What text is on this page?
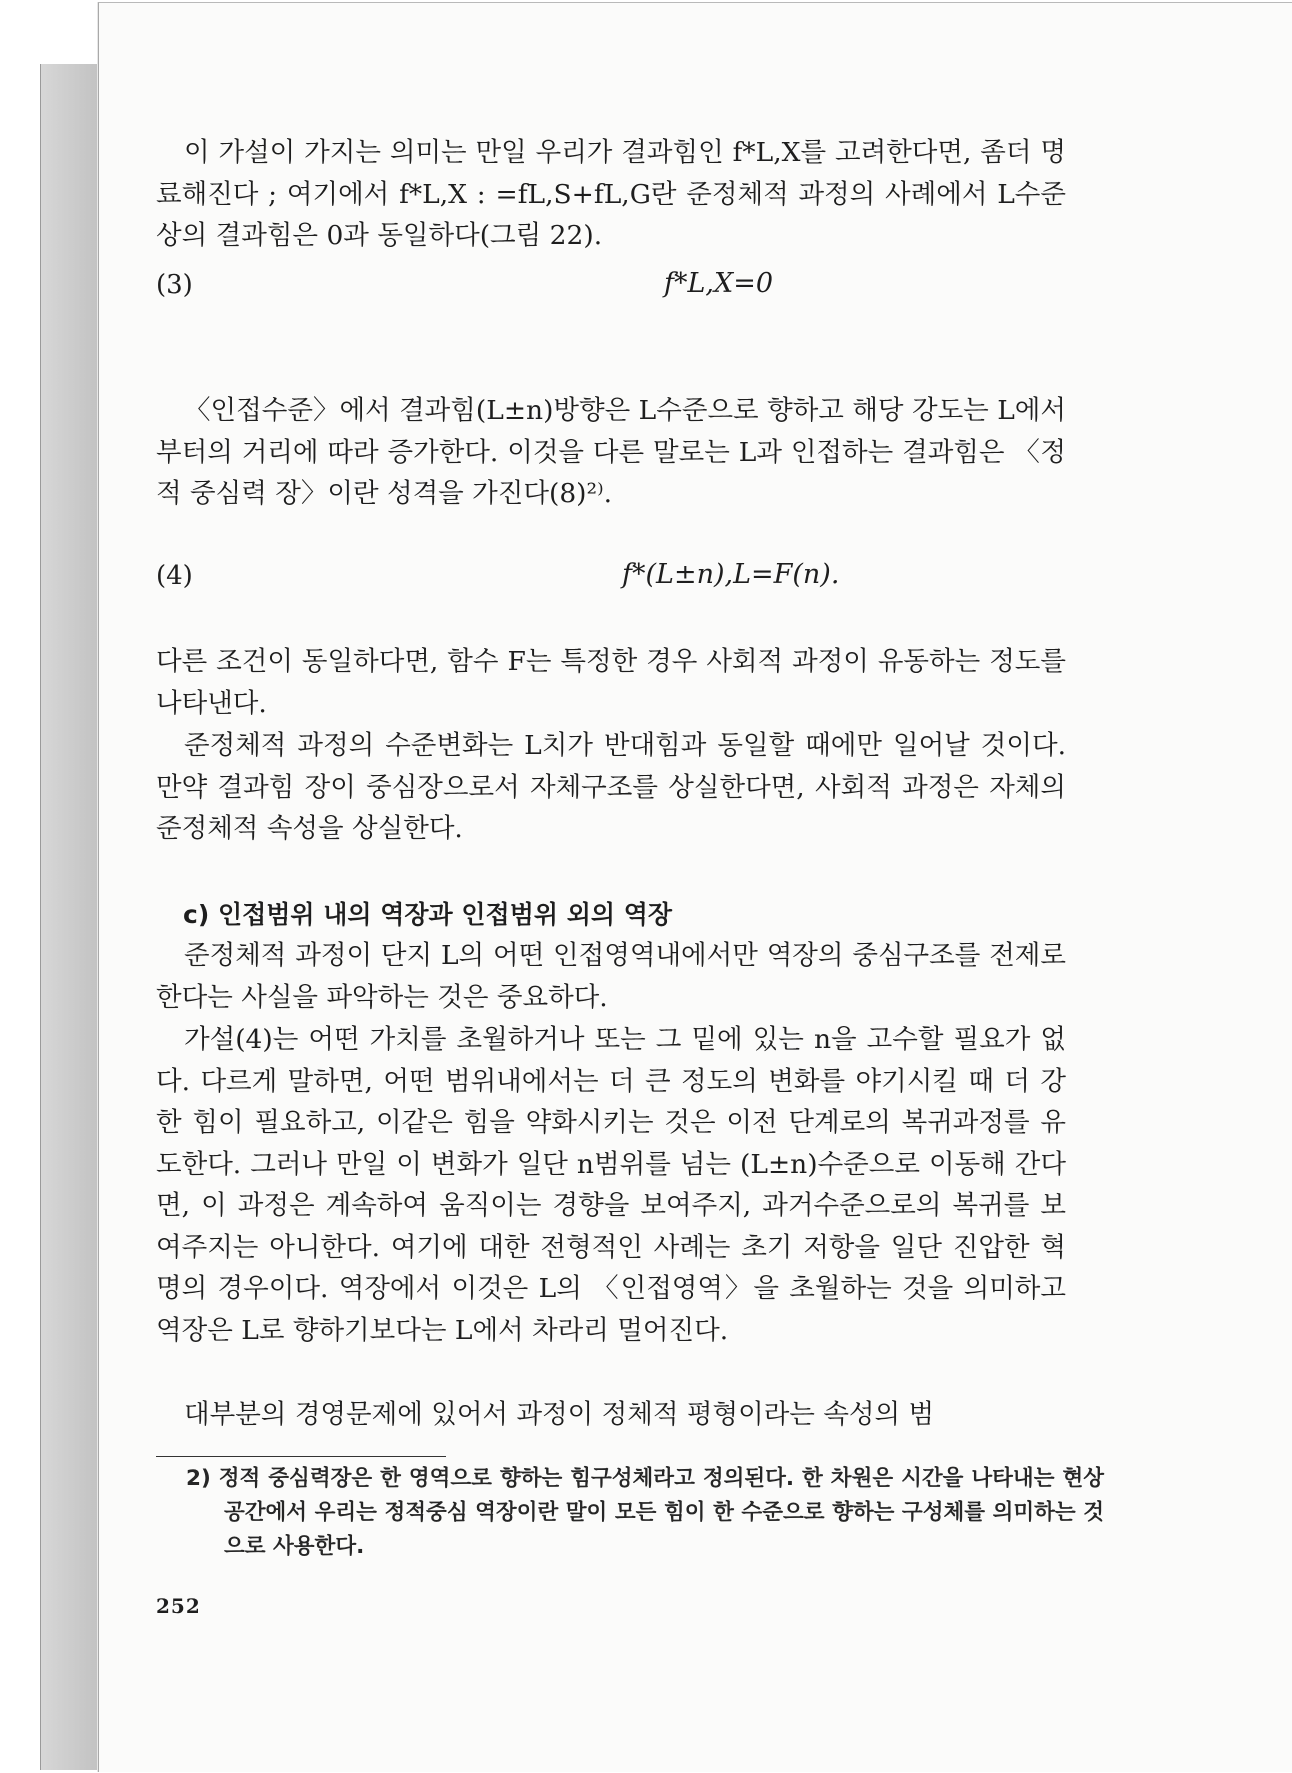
이 가설이 가지는 의미는 만일 우리가 결과힘인 f*L,X를 고려한다면, 좀더 명료해진다 ; 여기에서 f*L,X : =fL,S+fL,G란 준정체적 과정의 사례에서 L수준상의 결과힘은 0과 동일하다(그림 22).

(3)	f*L,X=0

〈인접수준〉에서 결과힘(L±n)방향은 L수준으로 향하고 해당 강도는 L에서부터의 거리에 따라 증가한다. 이것을 다른 말로는 L과 인접하는 결과힘은 〈정적 중심력 장〉이란 성격을 가진다(8)²⁾.

(4)	f*(L±n),L=F(n).

다른 조건이 동일하다면, 함수 F는 특정한 경우 사회적 과정이 유동하는 정도를 나타낸다.

준정체적 과정의 수준변화는 L치가 반대힘과 동일할 때에만 일어날 것이다. 만약 결과힘 장이 중심장으로서 자체구조를 상실한다면, 사회적 과정은 자체의 준정체적 속성을 상실한다.

c) 인접범위 내의 역장과 인접범위 외의 역장

준정체적 과정이 단지 L의 어떤 인접영역내에서만 역장의 중심구조를 전제로 한다는 사실을 파악하는 것은 중요하다.

가설(4)는 어떤 가치를 초월하거나 또는 그 밑에 있는 n을 고수할 필요가 없다. 다르게 말하면, 어떤 범위내에서는 더 큰 정도의 변화를 야기시킬 때 더 강한 힘이 필요하고, 이같은 힘을 약화시키는 것은 이전 단계로의 복귀과정를 유도한다. 그러나 만일 이 변화가 일단 n범위를 넘는 (L±n)수준으로 이동해 간다면, 이 과정은 계속하여 움직이는 경향을 보여주지, 과거수준으로의 복귀를 보여주지는 아니한다. 여기에 대한 전형적인 사례는 초기 저항을 일단 진압한 혁명의 경우이다. 역장에서 이것은 L의 〈인접영역〉을 초월하는 것을 의미하고 역장은 L로 향하기보다는 L에서 차라리 멀어진다.

대부분의 경영문제에 있어서 과정이 정체적 평형이라는 속성의 범

2) 정적 중심력장은 한 영역으로 향하는 힘구성체라고 정의된다. 한 차원은 시간을 나타내는 현상공간에서 우리는 정적중심 역장이란 말이 모든 힘이 한 수준으로 향하는 구성체를 의미하는 것으로 사용한다.

252
